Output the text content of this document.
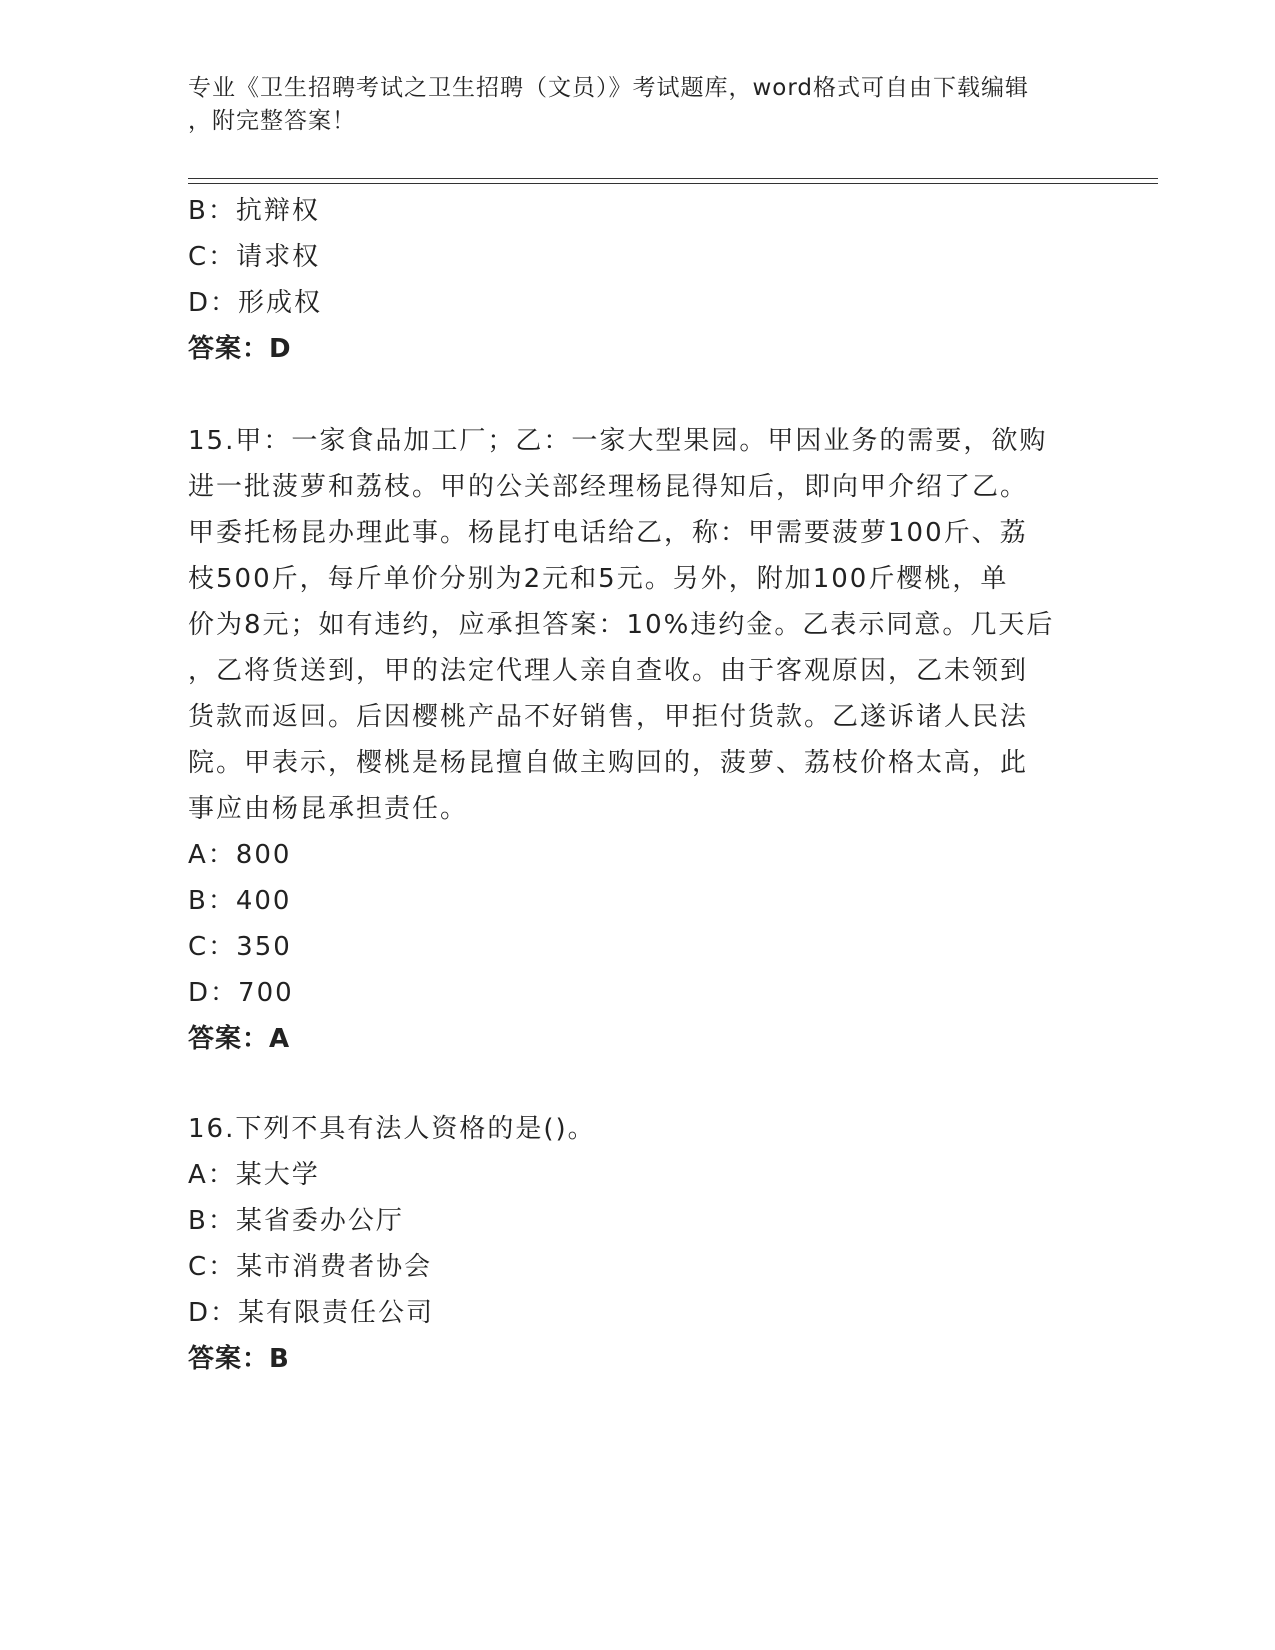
专业《卫生招聘考试之卫生招聘（文员）》考试题库，word格式可自由下载编辑
，附完整答案！
B：抗辩权
C：请求权
D：形成权
答案：D
15.甲：一家食品加工厂；乙：一家大型果园。甲因业务的需要，欲购
进一批菠萝和荔枝。甲的公关部经理杨昆得知后，即向甲介绍了乙。
甲委托杨昆办理此事。杨昆打电话给乙，称：甲需要菠萝100斤、荔
枝500斤，每斤单价分别为2元和5元。另外，附加100斤樱桃，单
价为8元；如有违约，应承担答案：10%违约金。乙表示同意。几天后
，乙将货送到，甲的法定代理人亲自查收。由于客观原因，乙未领到
货款而返回。后因樱桃产品不好销售，甲拒付货款。乙遂诉诸人民法
院。甲表示，樱桃是杨昆擅自做主购回的，菠萝、荔枝价格太高，此
事应由杨昆承担责任。
A：800
B：400
C：350
D：700
答案：A
16.下列不具有法人资格的是()。
A：某大学
B：某省委办公厅
C：某市消费者协会
D：某有限责任公司
答案：B
